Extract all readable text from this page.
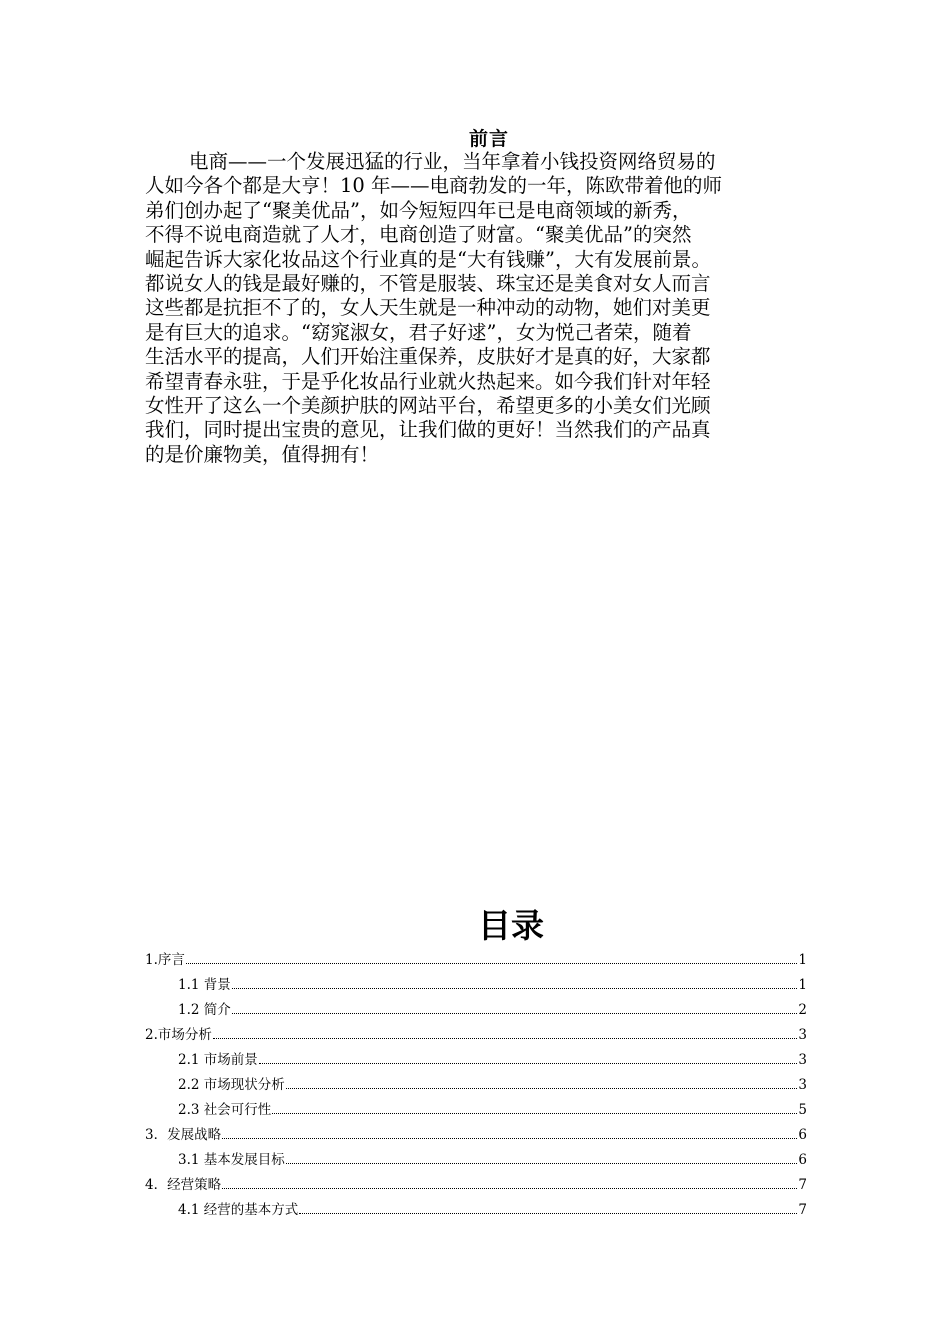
前言
电商——一个发展迅猛的行业，当年拿着小钱投资网络贸易的
人如今各个都是大亨！10 年——电商勃发的一年，陈欧带着他的师
弟们创办起了“聚美优品”，如今短短四年已是电商领域的新秀，
不得不说电商造就了人才，电商创造了财富。“聚美优品”的突然
崛起告诉大家化妆品这个行业真的是“大有钱赚”，大有发展前景。
都说女人的钱是最好赚的，不管是服装、珠宝还是美食对女人而言
这些都是抗拒不了的，女人天生就是一种冲动的动物，她们对美更
是有巨大的追求。“窈窕淑女，君子好逑”，女为悦己者荣，随着
生活水平的提高，人们开始注重保养，皮肤好才是真的好，大家都
希望青春永驻，于是乎化妆品行业就火热起来。如今我们针对年轻
女性开了这么一个美颜护肤的网站平台，希望更多的小美女们光顾
我们，同时提出宝贵的意见，让我们做的更好！当然我们的产品真
的是价廉物美，值得拥有！
目录
1.序言	1
1.1 背景	1
1.2 简介	2
2.市场分析	3
2.1 市场前景	3
2.2 市场现状分析	3
2.3 社会可行性	5
3．发展战略	6
3.1 基本发展目标	6
4．经营策略	7
4.1 经营的基本方式	7
